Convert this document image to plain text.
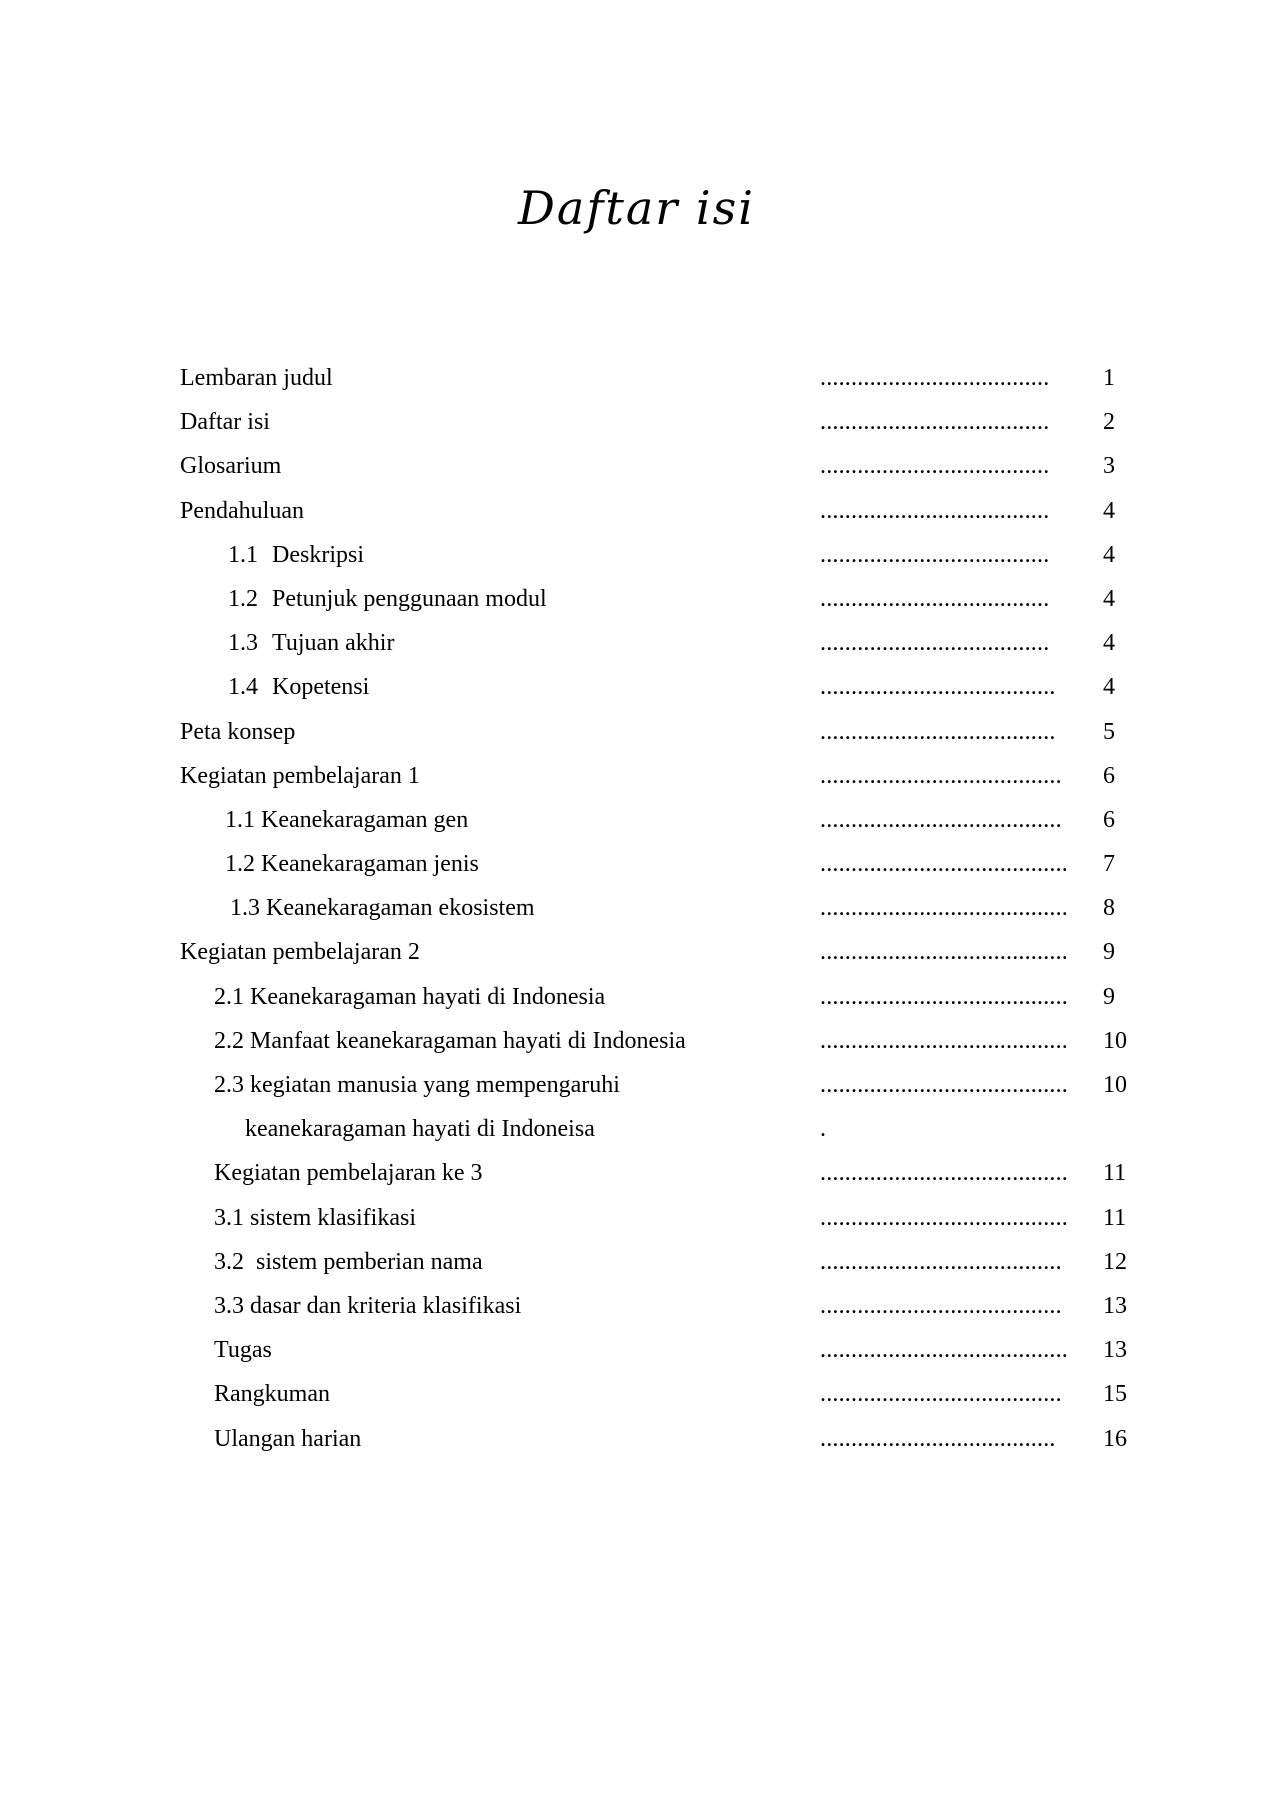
Daftar isi
Lembaran judul	..................................... 1
Daftar isi	..................................... 2
Glosarium	..................................... 3
Pendahuluan	..................................... 4
1.1 Deskripsi	..................................... 4
1.2 Petunjuk penggunaan modul	..................................... 4
1.3 Tujuan akhir	..................................... 4
1.4 Kopetensi	...................................... 4
Peta konsep	...................................... 5
Kegiatan pembelajaran 1	....................................... 6
1.1 Keanekaragaman gen	....................................... 6
1.2 Keanekaragaman jenis	........................................ 7
1.3 Keanekaragaman ekosistem	........................................ 8
Kegiatan pembelajaran 2	........................................ 9
2.1 Keanekaragaman hayati di Indonesia	........................................ 9
2.2 Manfaat keanekaragaman hayati di Indonesia	........................................ 10
2.3 kegiatan manusia yang mempengaruhi	........................................ 10
keanekaragaman hayati di Indoneisa	.
Kegiatan pembelajaran ke 3	........................................ 11
3.1 sistem klasifikasi	........................................ 11
3.2  sistem pemberian nama	....................................... 12
3.3 dasar dan kriteria klasifikasi	....................................... 13
Tugas	........................................ 13
Rangkuman	....................................... 15
Ulangan harian	...................................... 16
